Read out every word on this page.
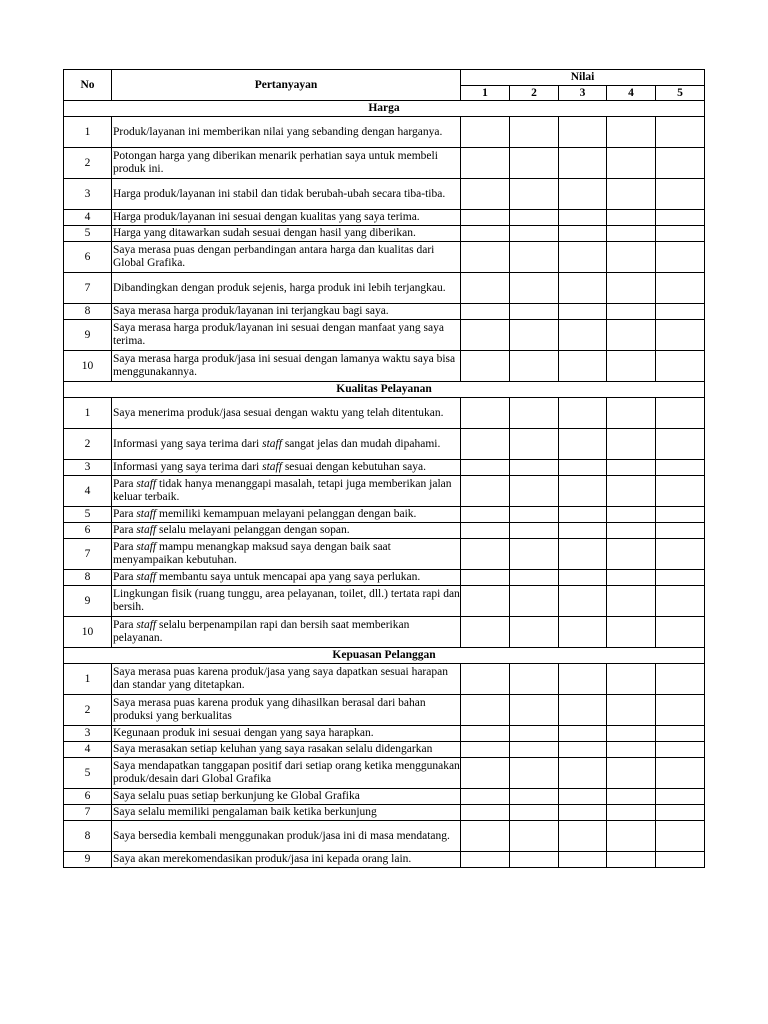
No	Pertanyayan	Nilai				
		1	2	3	4	5
Harga						
1	Produk/layanan ini memberikan nilai yang sebanding dengan harganya.					
2	Potongan harga yang diberikan menarik perhatian saya untuk membeli produk ini.					
3	Harga produk/layanan ini stabil dan tidak berubah-ubah secara tiba-tiba.					
4	Harga produk/layanan ini sesuai dengan kualitas yang saya terima.					
5	Harga yang ditawarkan sudah sesuai dengan hasil yang diberikan.					
6	Saya merasa puas dengan perbandingan antara harga dan kualitas dari Global Grafika.					
7	Dibandingkan dengan produk sejenis, harga produk ini lebih terjangkau.					
8	Saya merasa harga produk/layanan ini terjangkau bagi saya.					
9	Saya merasa harga produk/layanan ini sesuai dengan manfaat yang saya terima.					
10	Saya merasa harga produk/jasa ini sesuai dengan lamanya waktu saya bisa menggunakannya.					
Kualitas Pelayanan						
1	Saya menerima produk/jasa sesuai dengan waktu yang telah ditentukan.					
2	Informasi yang saya terima dari staff sangat jelas dan mudah dipahami.					
3	Informasi yang saya terima dari staff sesuai dengan kebutuhan saya.					
4	Para staff tidak hanya menanggapi masalah, tetapi juga memberikan jalan keluar terbaik.					
5	Para staff memiliki kemampuan melayani pelanggan dengan baik.					
6	Para staff selalu melayani pelanggan dengan sopan.					
7	Para staff mampu menangkap maksud saya dengan baik saat menyampaikan kebutuhan.					
8	Para staff membantu saya untuk mencapai apa yang saya perlukan.					
9	Lingkungan fisik (ruang tunggu, area pelayanan, toilet, dll.) tertata rapi dan bersih.					
10	Para staff selalu berpenampilan rapi dan bersih saat memberikan pelayanan.					
Kepuasan Pelanggan						
1	Saya merasa puas karena produk/jasa yang saya dapatkan sesuai harapan dan standar yang ditetapkan.					
2	Saya merasa puas karena produk yang dihasilkan berasal dari bahan produksi yang berkualitas					
3	Kegunaan produk ini sesuai dengan yang saya harapkan.					
4	Saya merasakan setiap keluhan yang saya rasakan selalu didengarkan					
5	Saya mendapatkan tanggapan positif dari setiap orang ketika menggunakan produk/desain dari Global Grafika					
6	Saya selalu puas setiap berkunjung ke Global Grafika					
7	Saya selalu memiliki pengalaman baik ketika berkunjung					
8	Saya bersedia kembali menggunakan produk/jasa ini di masa mendatang.					
9	Saya akan merekomendasikan produk/jasa ini kepada orang lain.					
